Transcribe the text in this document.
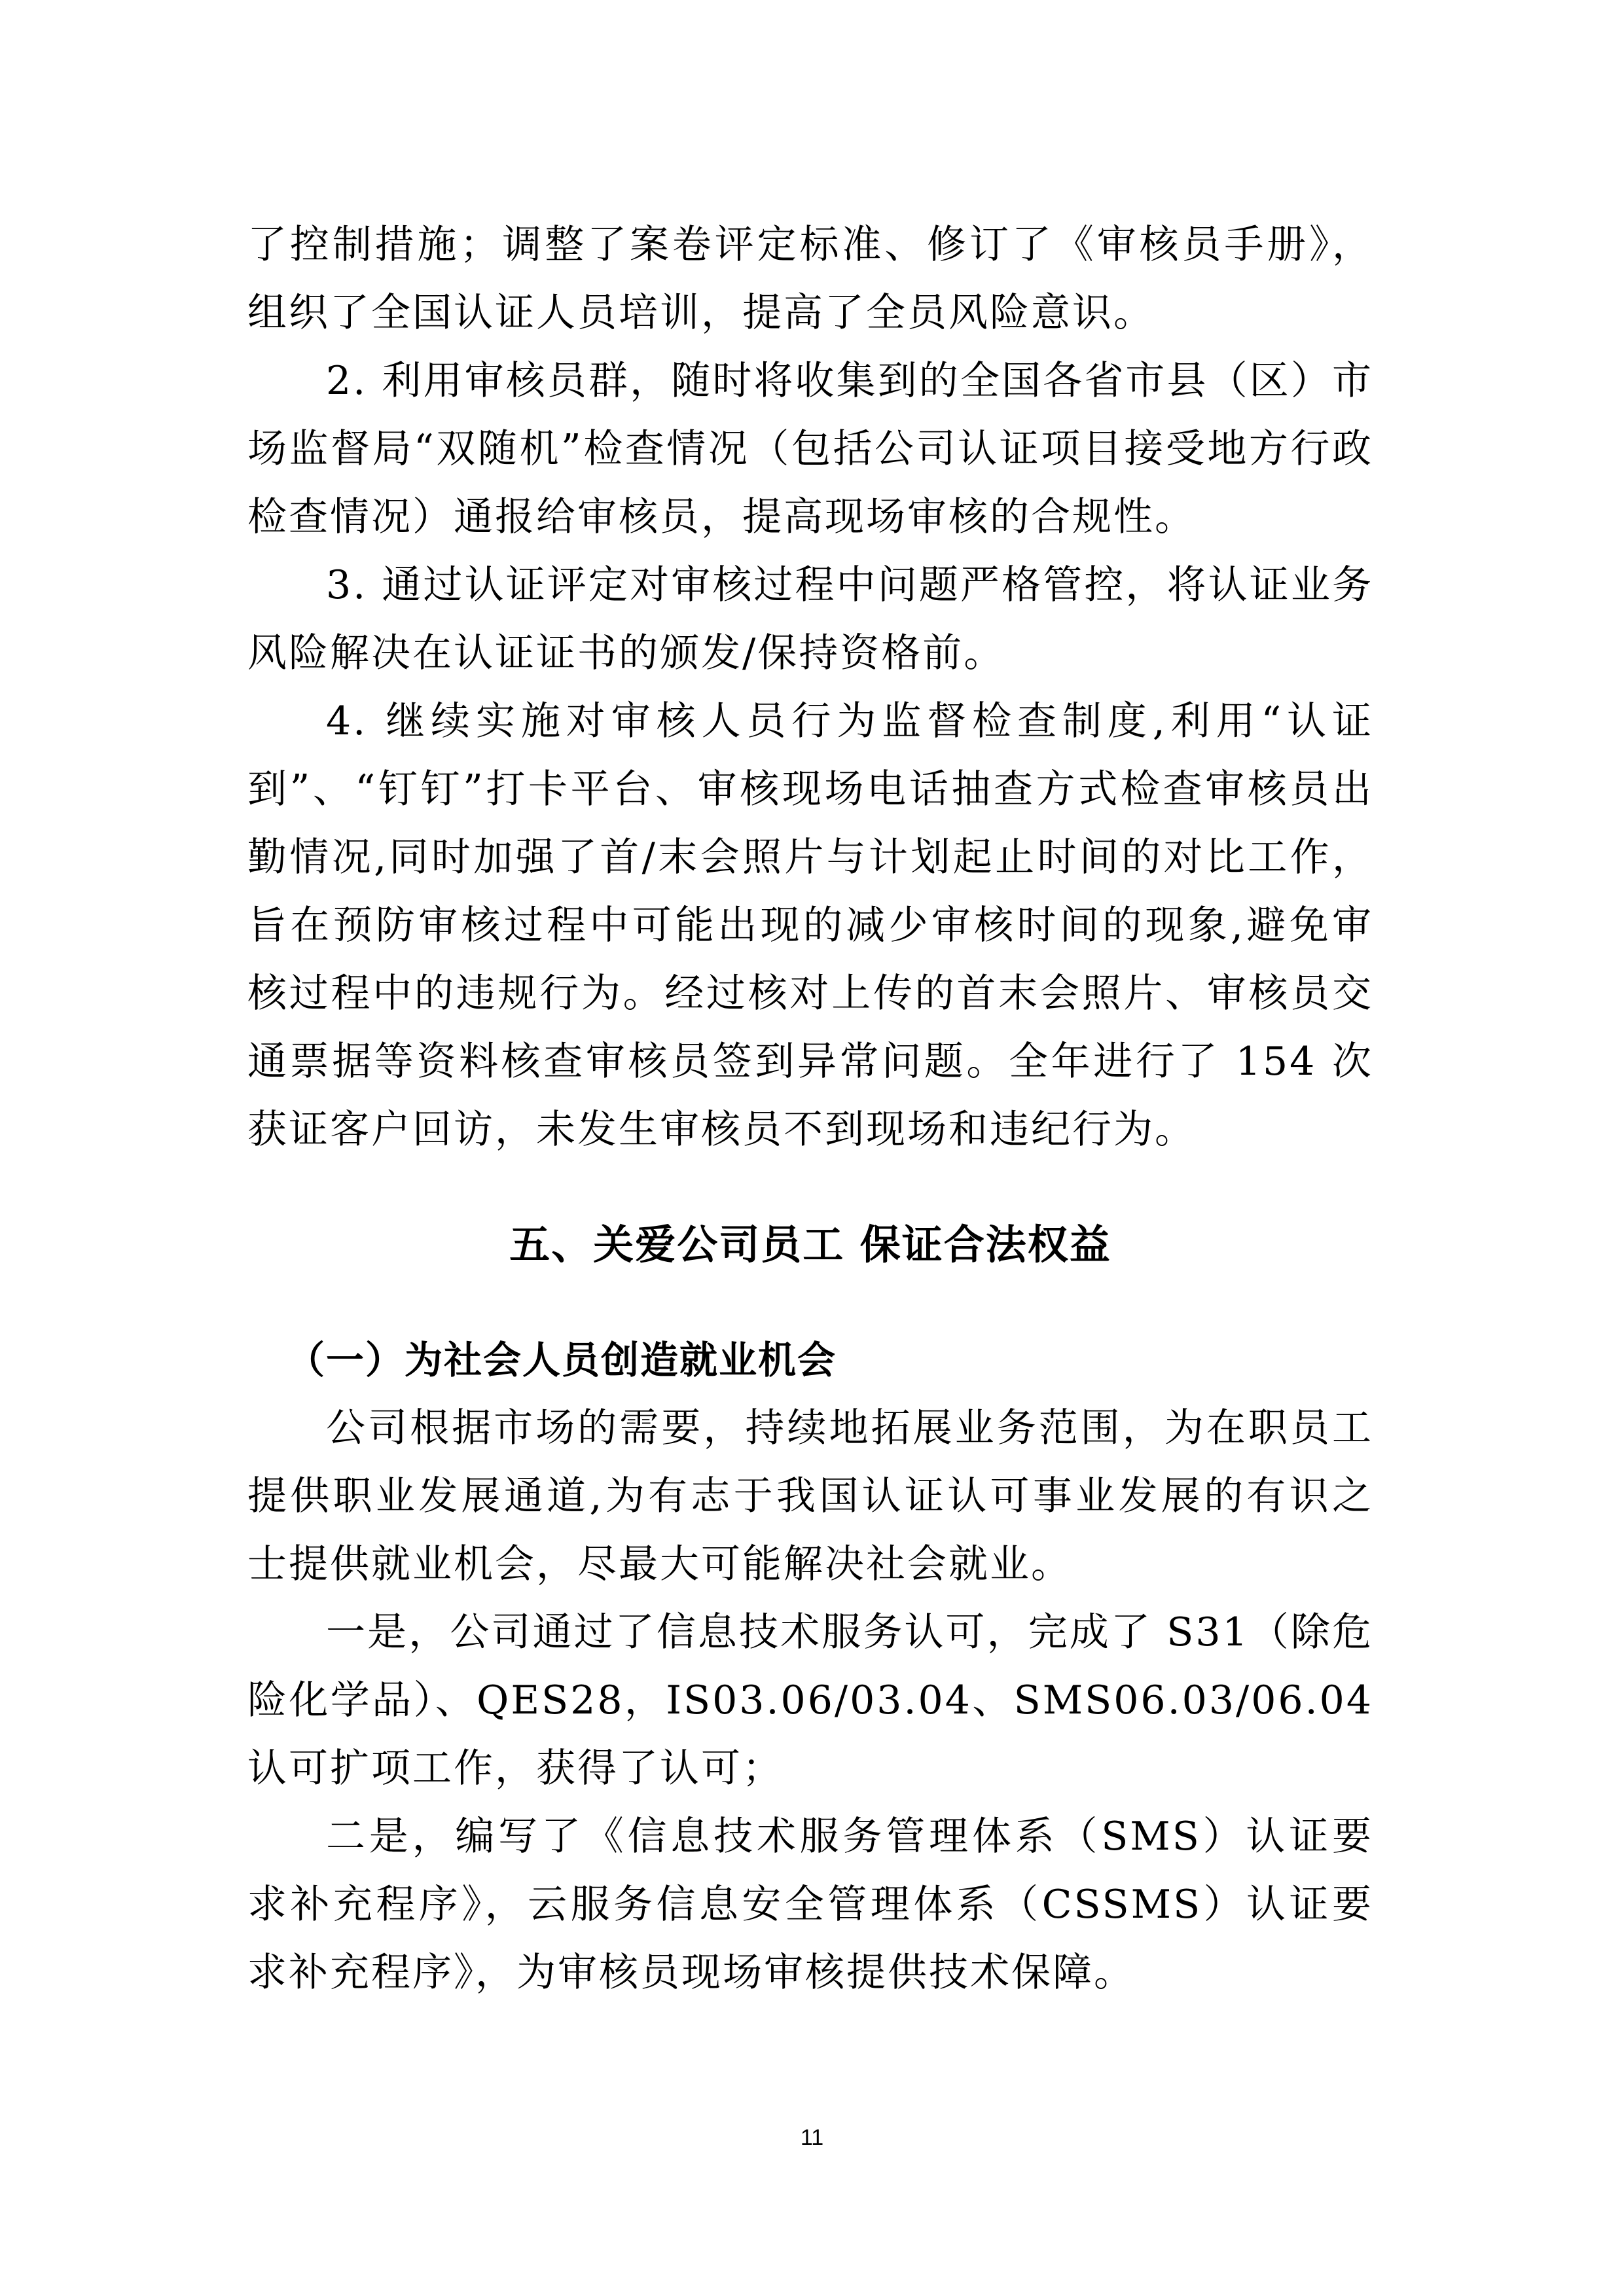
了控制措施；调整了案卷评定标准、修订了《审核员手册》，组织了全国认证人员培训，提高了全员风险意识。

2. 利用审核员群，随时将收集到的全国各省市县（区）市场监督局“双随机”检查情况（包括公司认证项目接受地方行政检查情况）通报给审核员，提高现场审核的合规性。

3. 通过认证评定对审核过程中问题严格管控，将认证业务风险解决在认证证书的颁发/保持资格前。

4. 继续实施对审核人员行为监督检查制度,利用“认证到”、“钉钉”打卡平台、审核现场电话抽查方式检查审核员出勤情况,同时加强了首/末会照片与计划起止时间的对比工作，旨在预防审核过程中可能出现的减少审核时间的现象,避免审核过程中的违规行为。经过核对上传的首末会照片、审核员交通票据等资料核查审核员签到异常问题。全年进行了 154 次获证客户回访，未发生审核员不到现场和违纪行为。

五、关爱公司员工 保证合法权益
（一）为社会人员创造就业机会

公司根据市场的需要，持续地拓展业务范围，为在职员工提供职业发展通道,为有志于我国认证认可事业发展的有识之士提供就业机会，尽最大可能解决社会就业。

一是，公司通过了信息技术服务认可，完成了 S31（除危险化学品）、QES28，IS03.06/03.04、SMS06.03/06.04 认可扩项工作，获得了认可；

二是，编写了《信息技术服务管理体系（SMS）认证要求补充程序》，云服务信息安全管理体系（CSSMS）认证要求补充程序》，为审核员现场审核提供技术保障。

11
